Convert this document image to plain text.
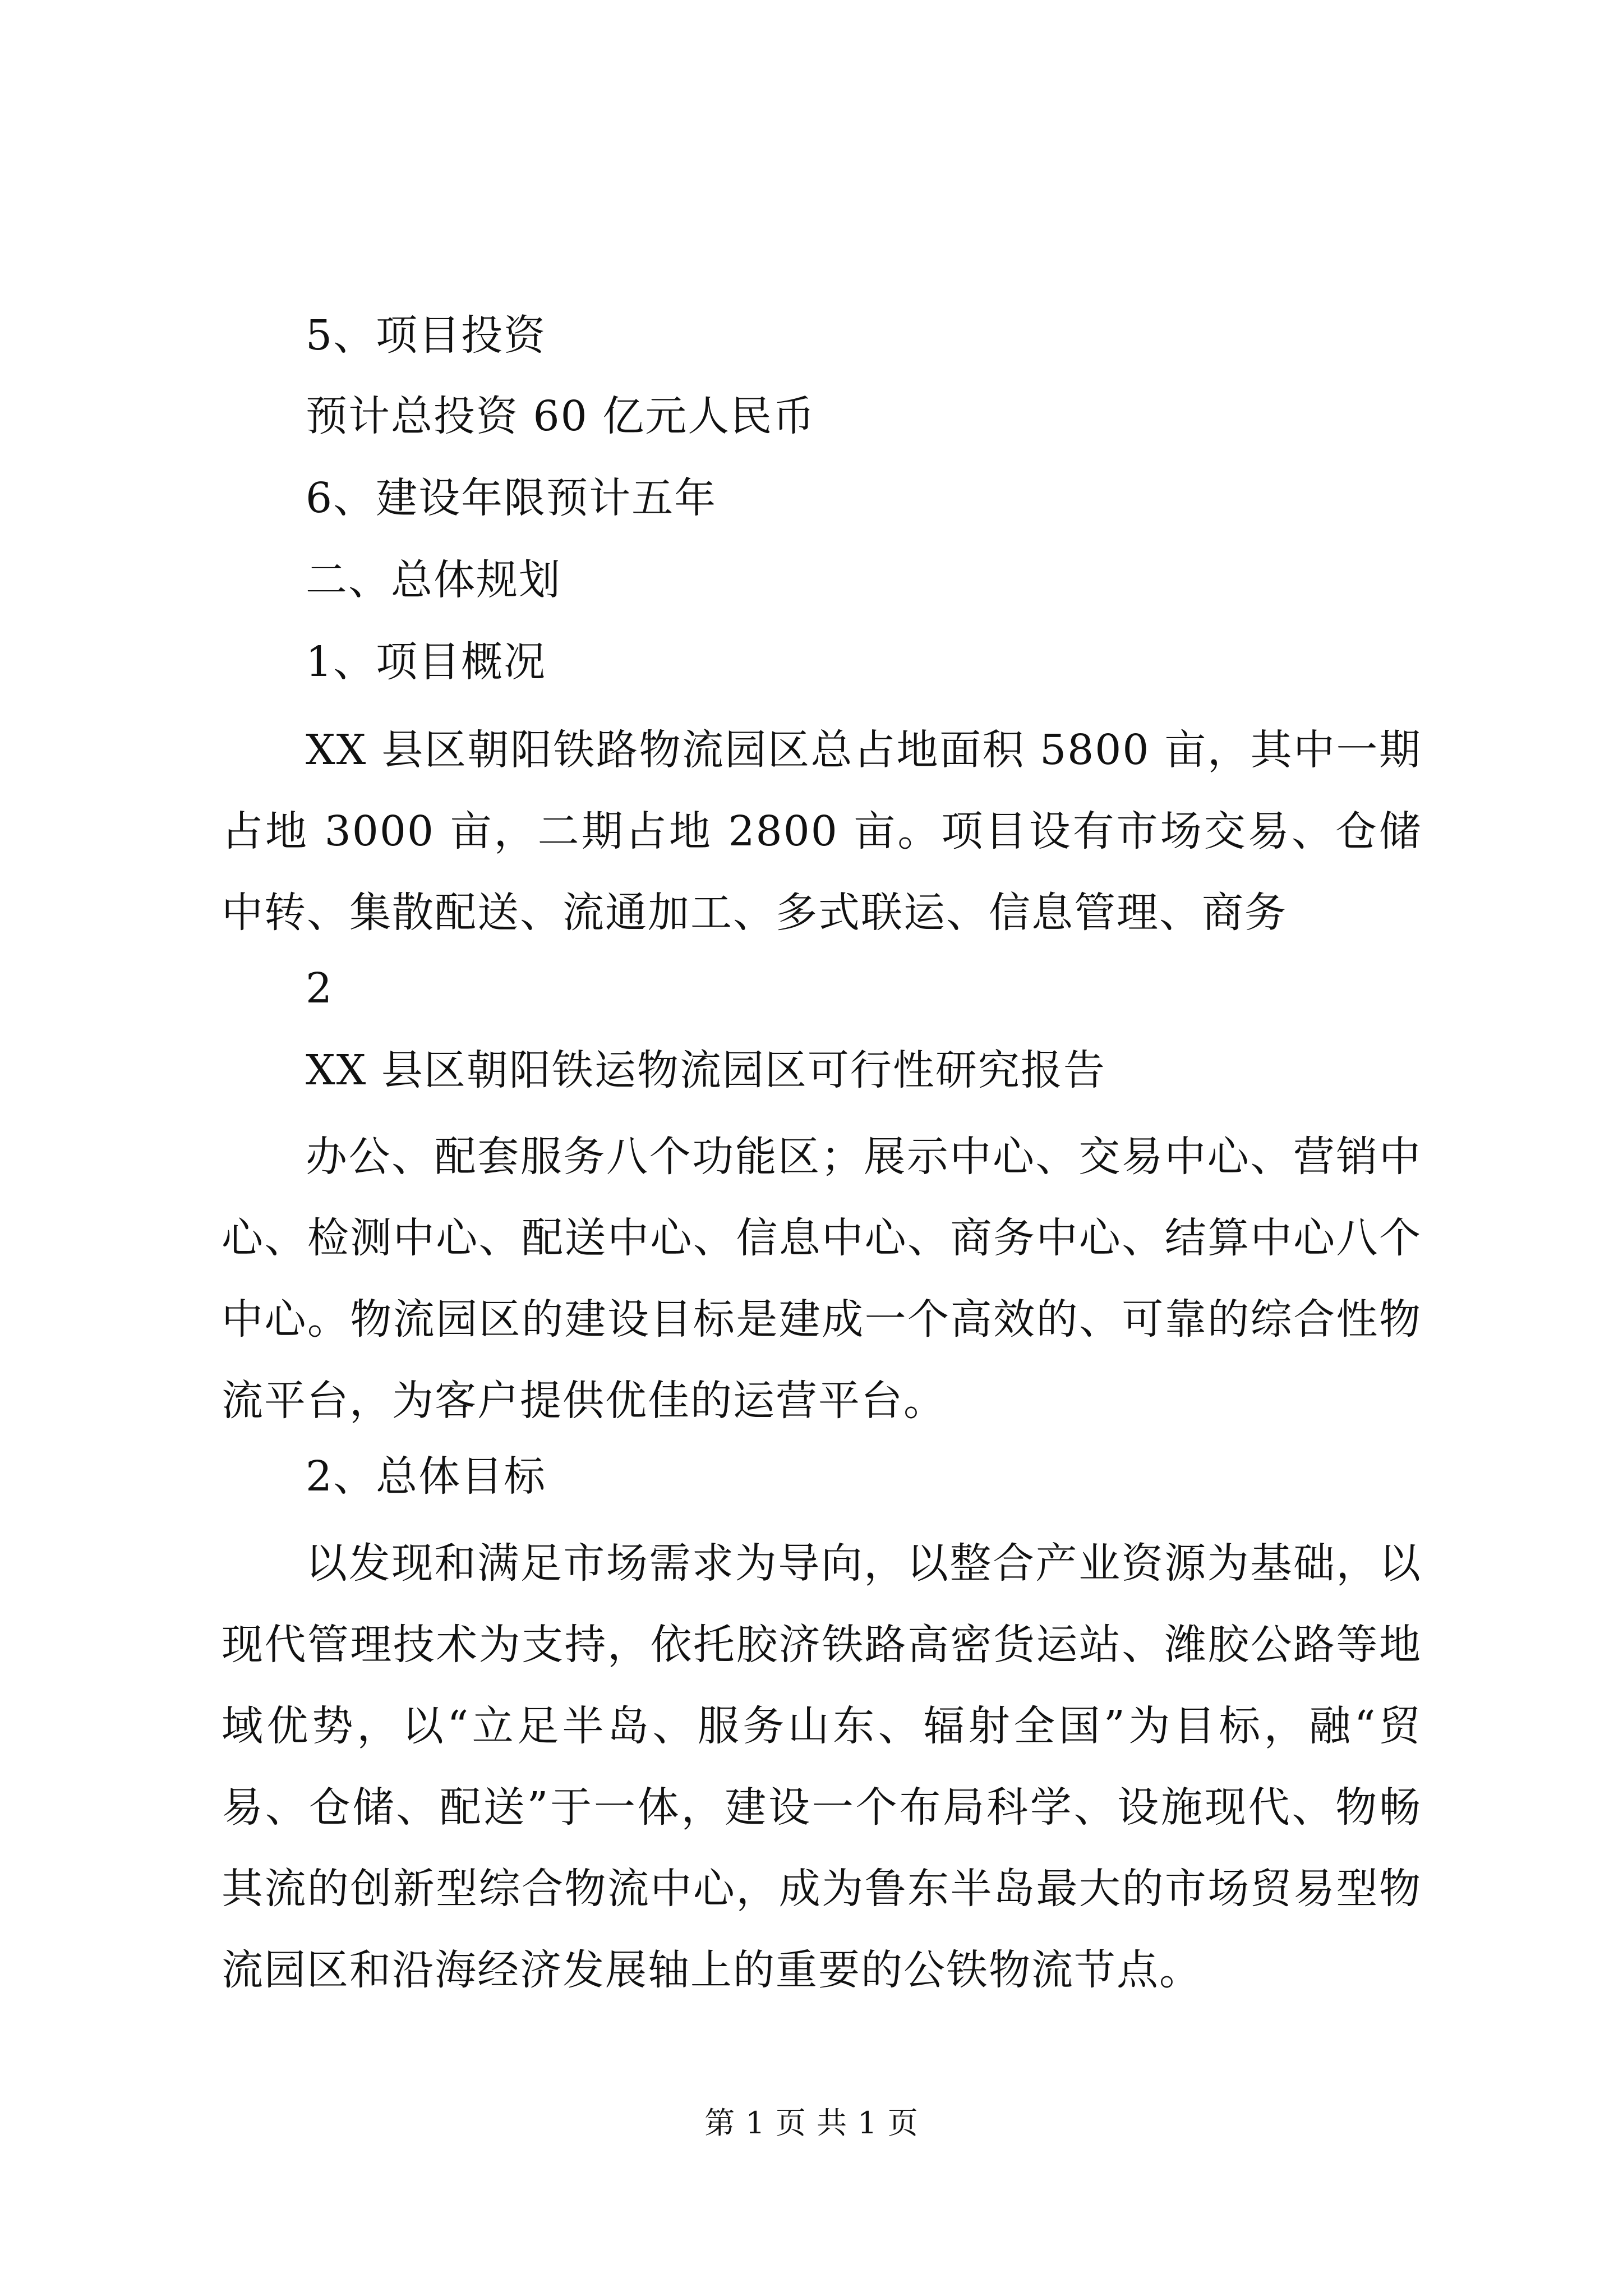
5、项目投资
预计总投资 60 亿元人民币
6、建设年限预计五年
二、总体规划
1、项目概况
XX 县区朝阳铁路物流园区总占地面积 5800 亩，其中一期占地 3000 亩，二期占地 2800 亩。项目设有市场交易、仓储中转、集散配送、流通加工、多式联运、信息管理、商务
2
XX 县区朝阳铁运物流园区可行性研究报告
办公、配套服务八个功能区；展示中心、交易中心、营销中心、检测中心、配送中心、信息中心、商务中心、结算中心八个中心。物流园区的建设目标是建成一个高效的、可靠的综合性物流平台，为客户提供优佳的运营平台。
2、总体目标
以发现和满足市场需求为导向，以整合产业资源为基础，以现代管理技术为支持，依托胶济铁路高密货运站、潍胶公路等地域优势，以“立足半岛、服务山东、辐射全国”为目标，融“贸易、仓储、配送”于一体，建设一个布局科学、设施现代、物畅其流的创新型综合物流中心，成为鲁东半岛最大的市场贸易型物流园区和沿海经济发展轴上的重要的公铁物流节点。
第 1 页 共 1 页
